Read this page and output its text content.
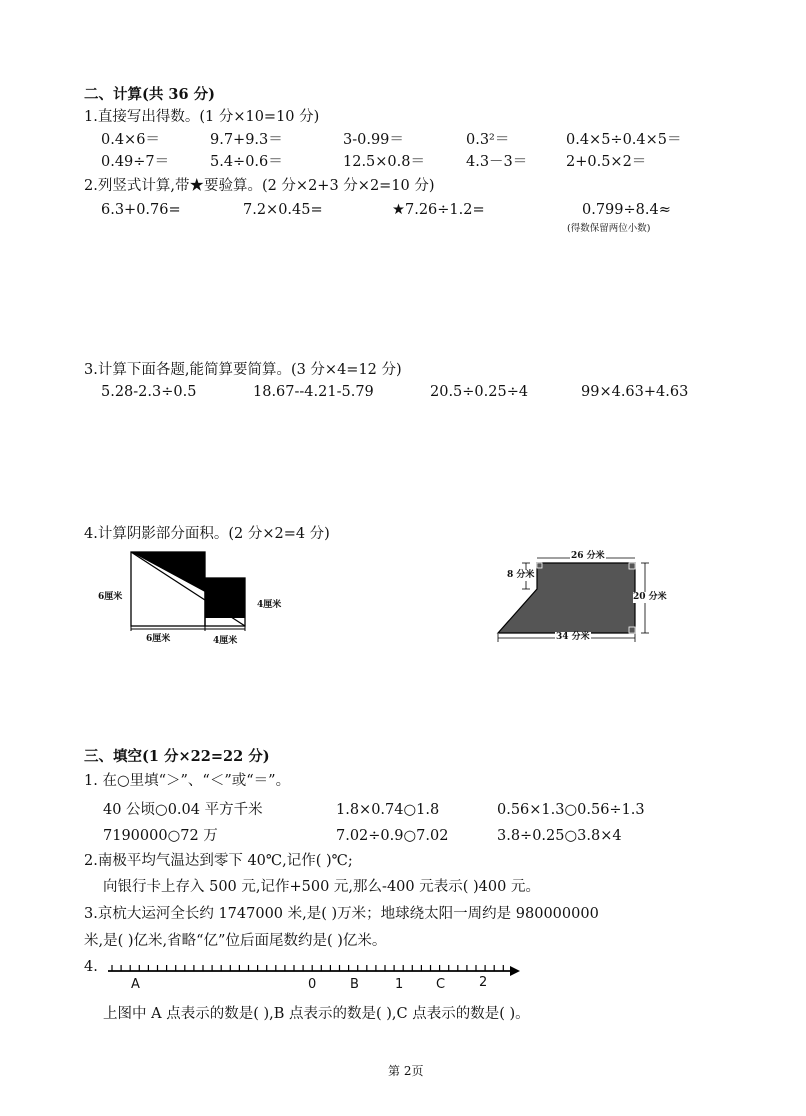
二、计算(共 36 分)
1.直接写出得数。(1 分×10=10 分)
0.4×6＝	9.7+9.3＝	3-0.99＝	0.3²＝	0.4×5÷0.4×5＝
0.49÷7＝	5.4÷0.6＝	12.5×0.8＝	4.3－3＝	2+0.5×2＝
2.列竖式计算,带★要验算。(2 分×2+3 分×2=10 分)
6.3+0.76=	7.2×0.45=	★7.26÷1.2=	0.799÷8.4≈
(得数保留两位小数)
3.计算下面各题,能简算要简算。(3 分×4=12 分)
5.28-2.3÷0.5	18.67--4.21-5.79	20.5÷0.25÷4	99×4.63+4.63
4.计算阴影部分面积。(2 分×2=4 分)
6厘米
6厘米	4厘米
4厘米
26 分米
8 分米
20 分米
34 分米
三、填空(1 分×22=22 分)
1. 在○里填“＞”、“＜”或“＝”。
40 公顷○0.04 平方千米	1.8×0.74○1.8	0.56×1.3○0.56÷1.3
7190000○72 万	7.02÷0.9○7.02	3.8÷0.25○3.8×4
2.南极平均气温达到零下 40℃,记作( )℃;
向银行卡上存入 500 元,记作+500 元,那么-400 元表示( )400 元。
3.京杭大运河全长约 1747000 米,是( )万米；地球绕太阳一周约是 980000000
米,是( )亿米,省略“亿”位后面尾数约是( )亿米。
4.
A	0	B	1	C	2
上图中 A 点表示的数是( ),B 点表示的数是( ),C 点表示的数是( )。
第 2页
